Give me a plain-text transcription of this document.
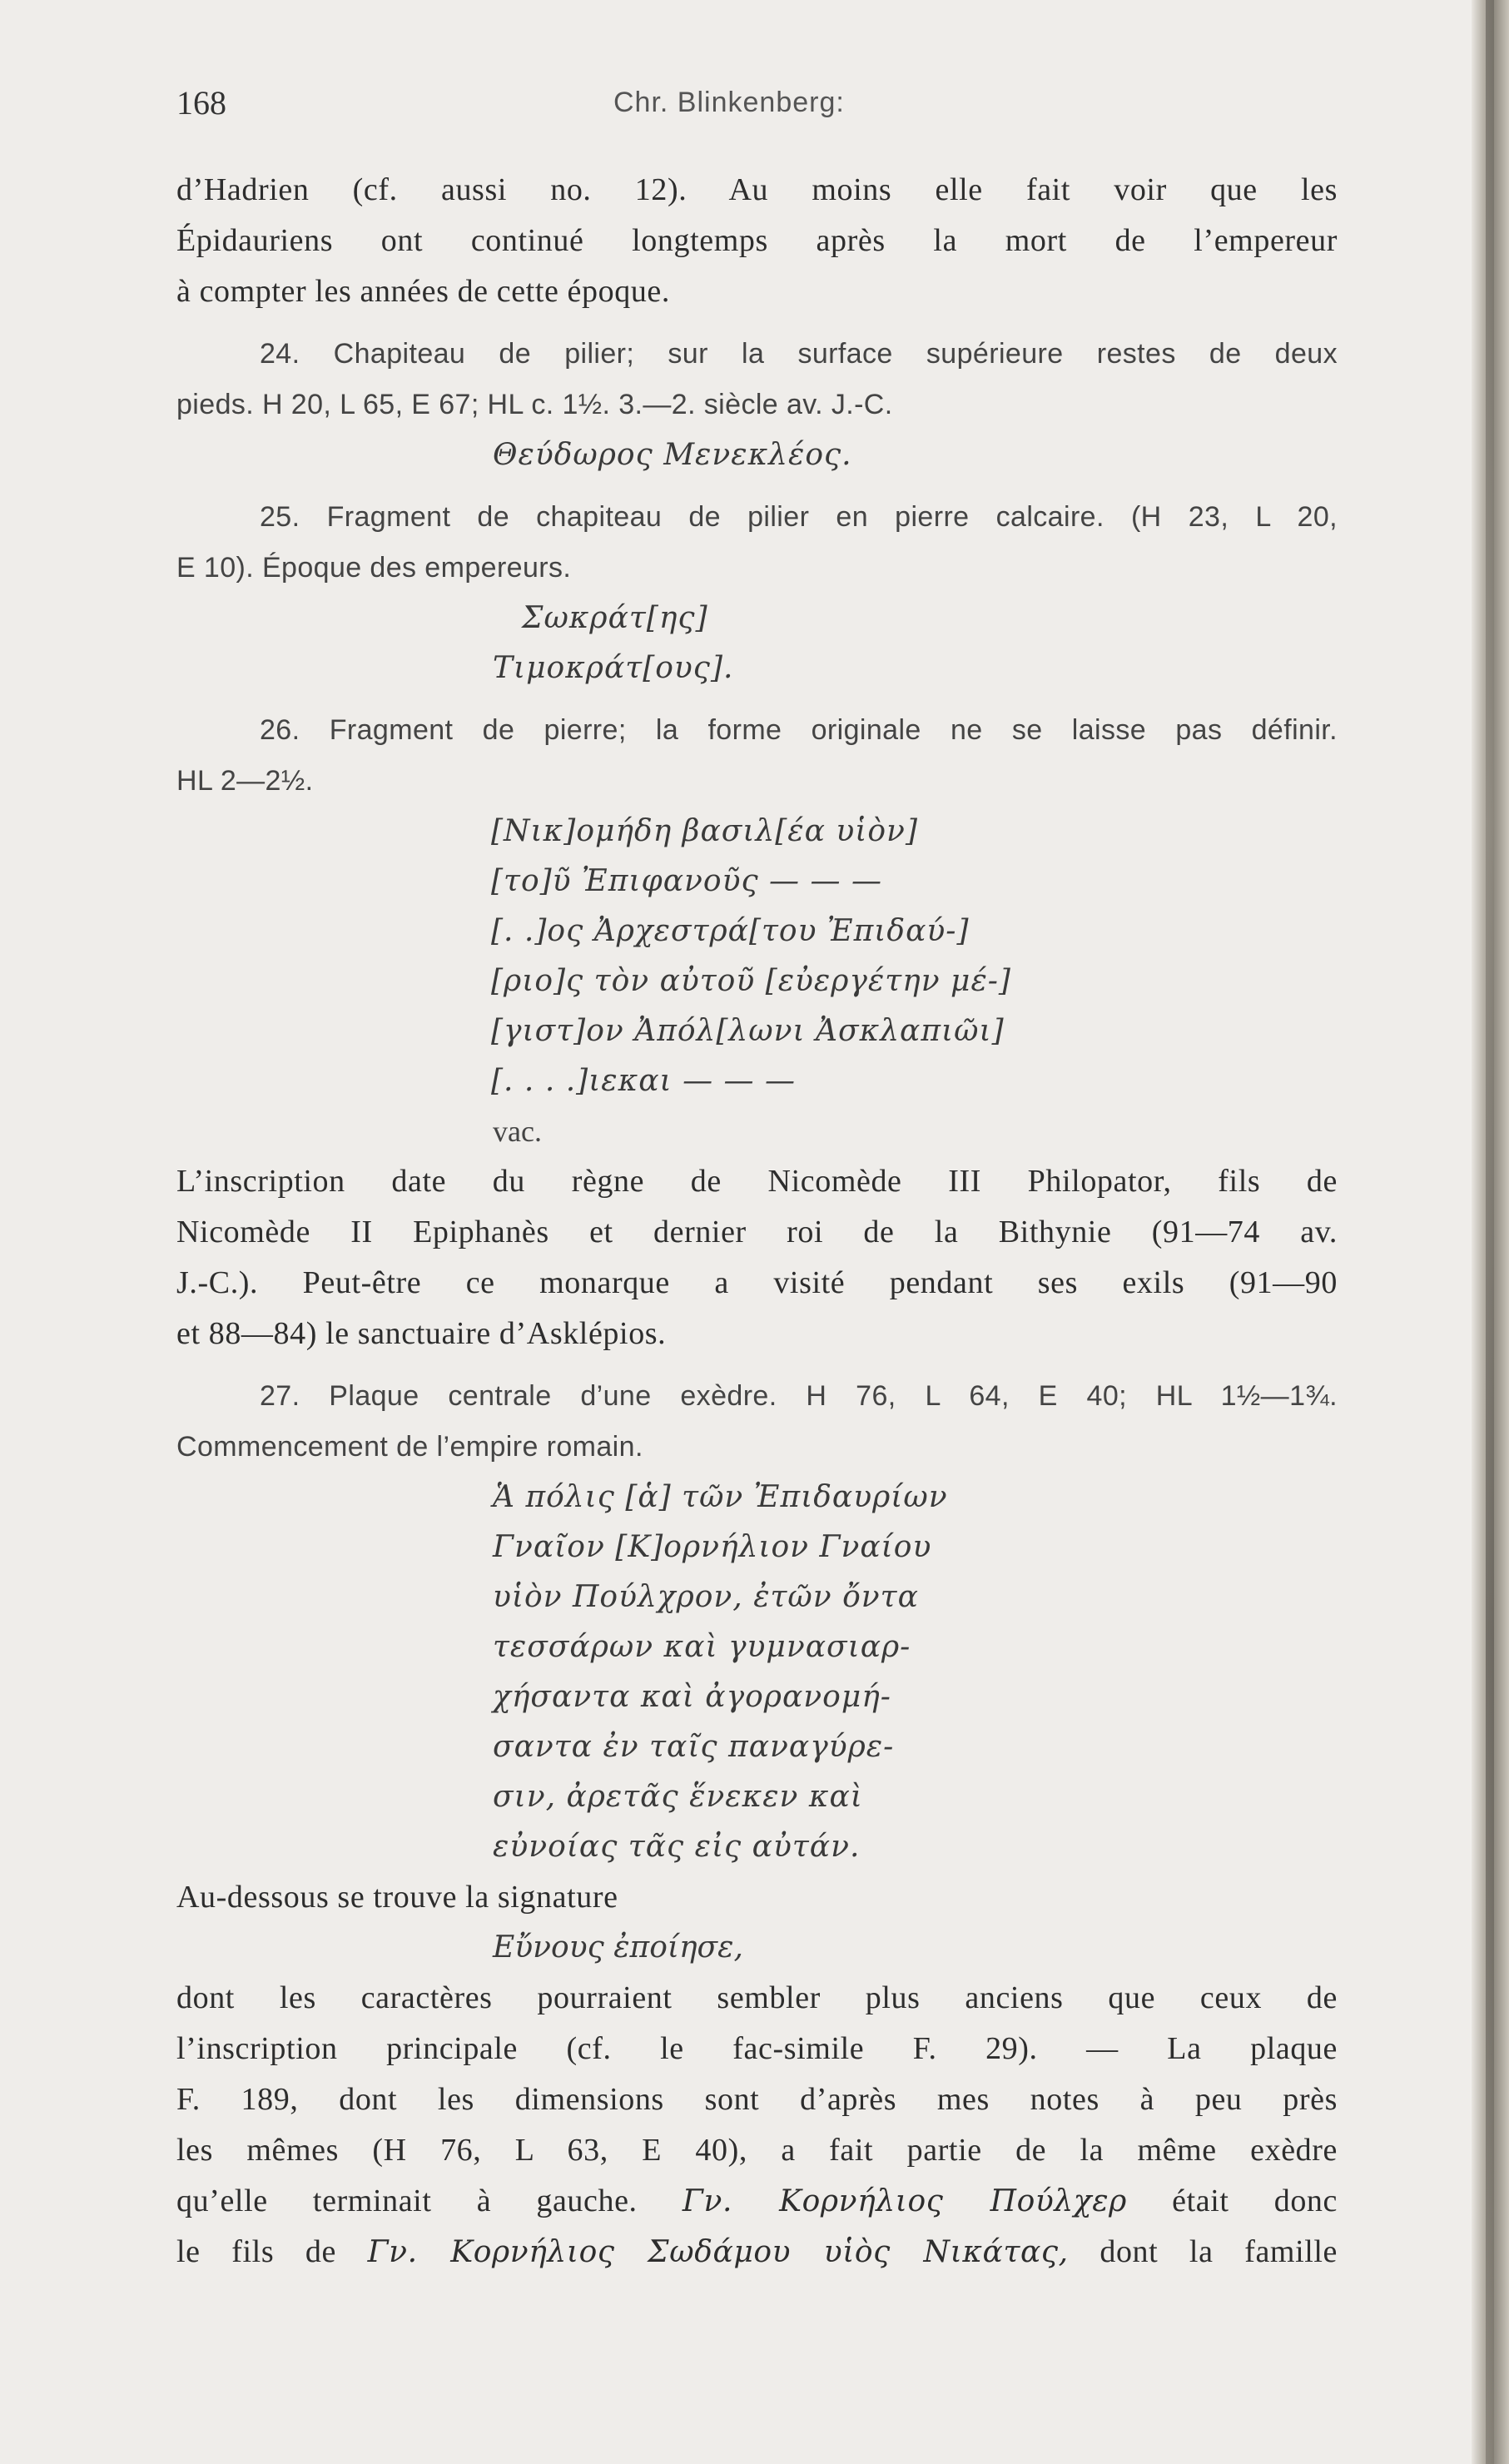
168	Chr. Blinkenberg:
d’Hadrien (cf. aussi no. 12). Au moins elle fait voir que les
Épidauriens ont continué longtemps après la mort de l’empereur
à compter les années de cette époque.
24. Chapiteau de pilier; sur la surface supérieure restes de deux
pieds. H 20, L 65, E 67; HL c. 1½. 3.—2. siècle av. J.-C.
Θεύδωρος Μενεκλέος.
25. Fragment de chapiteau de pilier en pierre calcaire. (H 23, L 20,
E 10). Époque des empereurs.
Σωκράτ[ης]
Τιμοκράτ[ους].
26. Fragment de pierre; la forme originale ne se laisse pas définir.
HL 2—2½.
[Νικ]ομήδη βασιλ[έα υἱὸν]
[το]ῦ Ἐπιφανοῦς — — —
[. .]ος Ἀρχεστρά[του Ἐπιδαύ-]
[ριο]ς τὸν αὐτοῦ [εὐεργέτην μέ-]
[γιστ]ον Ἀπόλ[λωνι Ἀσκλαπιῶι]
[. . . .]ιεκαι — — —
vac.
L’inscription date du règne de Nicomède III Philopator, fils de
Nicomède II Epiphanès et dernier roi de la Bithynie (91—74 av.
J.-C.). Peut-être ce monarque a visité pendant ses exils (91—90
et 88—84) le sanctuaire d’Asklépios.
27. Plaque centrale d’une exèdre. H 76, L 64, E 40; HL 1½—1¾.
Commencement de l’empire romain.
Ἁ πόλις [ἁ] τῶν Ἐπιδαυρίων
Γναῖον [Κ]ορνήλιον Γναίου
υἱὸν Πούλχρον, ἐτῶν ὄντα
τεσσάρων καὶ γυμνασιαρ-
χήσαντα καὶ ἀγορανομή-
σαντα ἐν ταῖς παναγύρε-
σιν, ἀρετᾶς ἕνεκεν καὶ
εὐνοίας τᾶς εἰς αὐτάν.
Au-dessous se trouve la signature
Εὔνους ἐποίησε,
dont les caractères pourraient sembler plus anciens que ceux de
l’inscription principale (cf. le fac-simile F. 29). — La plaque
F. 189, dont les dimensions sont d’après mes notes à peu près
les mêmes (H 76, L 63, E 40), a fait partie de la même exèdre
qu’elle terminait à gauche. Γν. Κορνήλιος Πούλχερ était donc
le fils de Γν. Κορνήλιος Σωδάμου υἱὸς Νικάτας, dont la famille
